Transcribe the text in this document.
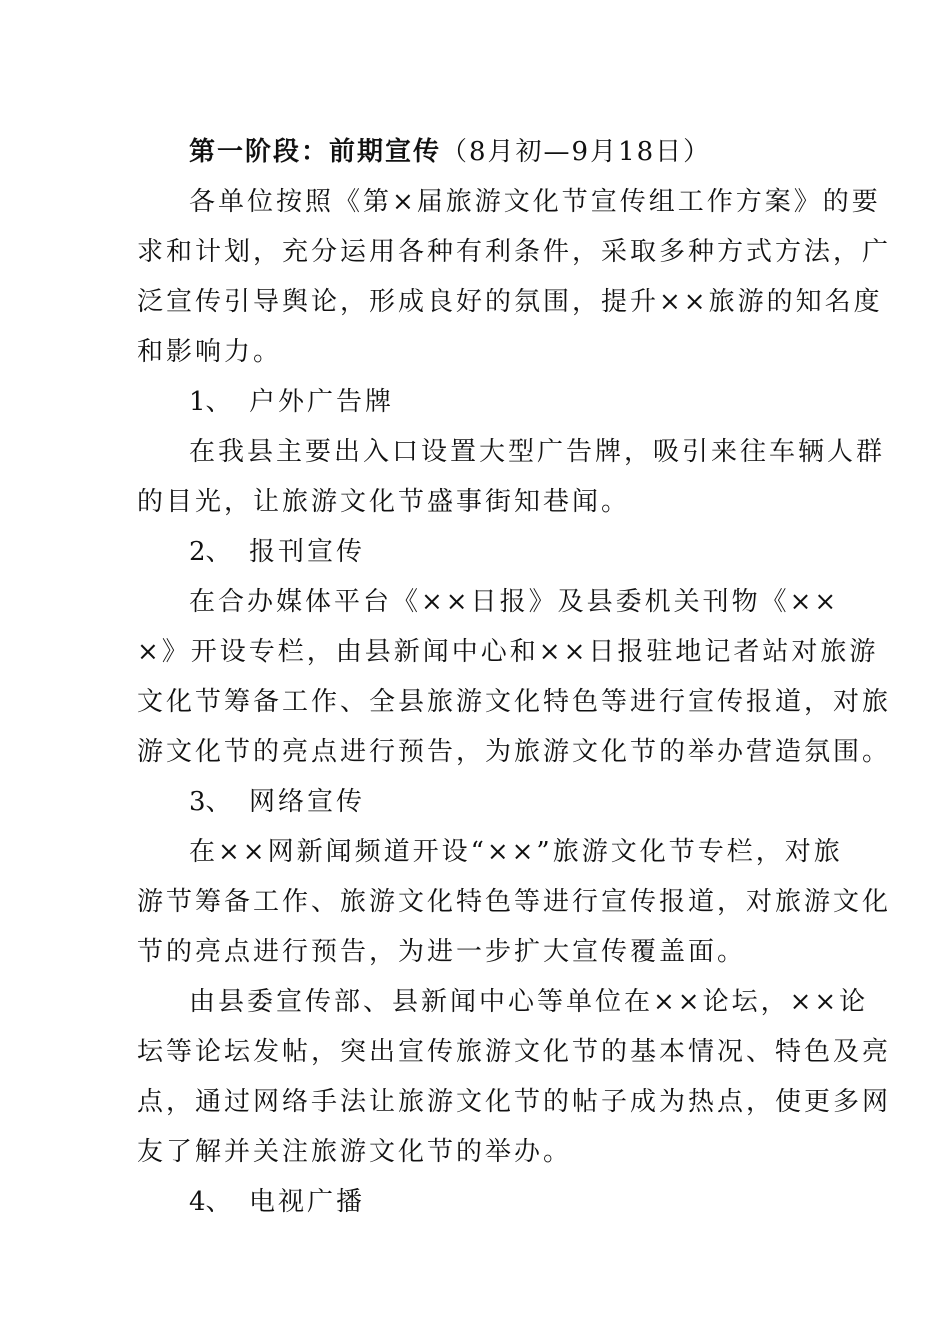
第一阶段：前期宣传（8月初—9月18日）
各单位按照《第×届旅游文化节宣传组工作方案》的要
求和计划，充分运用各种有利条件，采取多种方式方法，广
泛宣传引导舆论，形成良好的氛围，提升××旅游的知名度
和影响力。
1、 户外广告牌
在我县主要出入口设置大型广告牌，吸引来往车辆人群
的目光，让旅游文化节盛事街知巷闻。
2、 报刊宣传
在合办媒体平台《××日报》及县委机关刊物《××
×》开设专栏，由县新闻中心和××日报驻地记者站对旅游
文化节筹备工作、全县旅游文化特色等进行宣传报道，对旅
游文化节的亮点进行预告，为旅游文化节的举办营造氛围。
3、 网络宣传
在××网新闻频道开设“××”旅游文化节专栏，对旅
游节筹备工作、旅游文化特色等进行宣传报道，对旅游文化
节的亮点进行预告，为进一步扩大宣传覆盖面。
由县委宣传部、县新闻中心等单位在××论坛，××论
坛等论坛发帖，突出宣传旅游文化节的基本情况、特色及亮
点，通过网络手法让旅游文化节的帖子成为热点，使更多网
友了解并关注旅游文化节的举办。
4、 电视广播
